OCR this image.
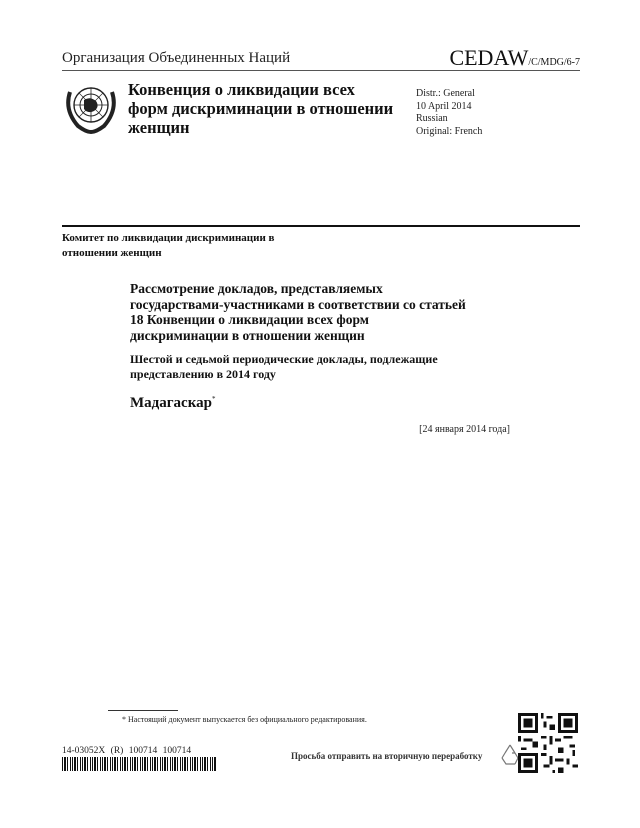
Организация Объединенных Наций	CEDAW/C/MDG/6-7
Конвенция о ликвидации всех форм дискриминации в отношении женщин
Distr.: General
10 April 2014
Russian
Original: French
Комитет по ликвидации дискриминации в отношении женщин
Рассмотрение докладов, представляемых государствами-участниками в соответствии со статьей 18 Конвенции о ликвидации всех форм дискриминации в отношении женщин
Шестой и седьмой периодические доклады, подлежащие представлению в 2014 году
Мадагаскар*
[24 января 2014 года]
* Настоящий документ выпускается без официального редактирования.
14-03052X (R) 100714 100714	Просьба отправить на вторичную переработку
